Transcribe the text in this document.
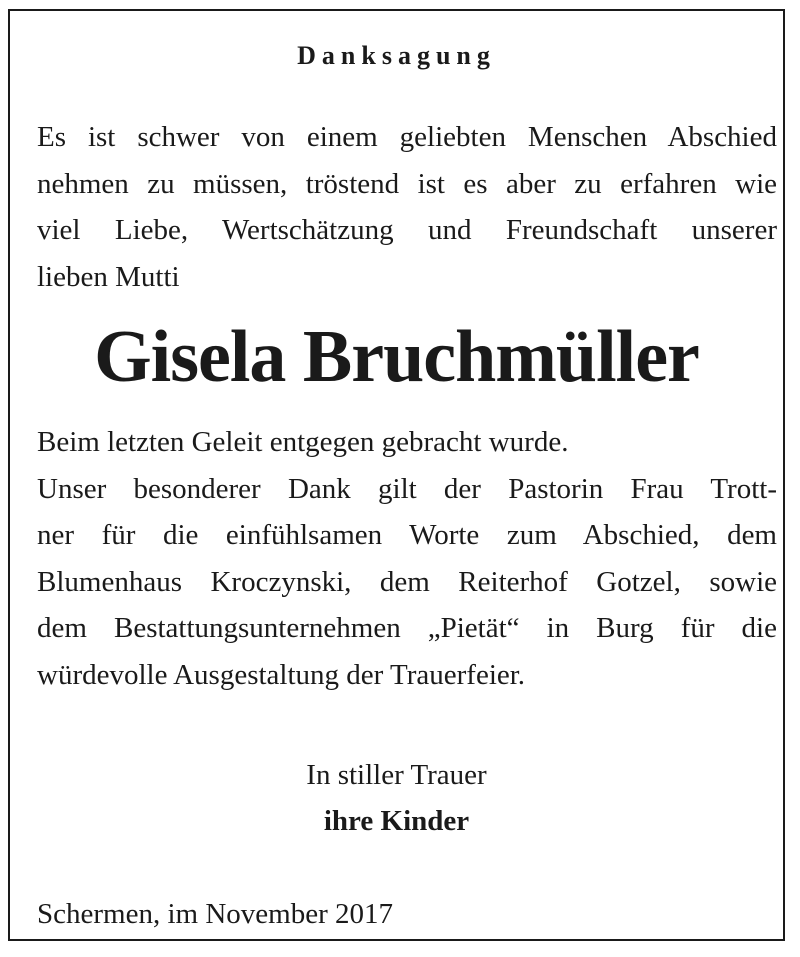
Danksagung
Es ist schwer von einem geliebten Menschen Abschied
nehmen zu müssen, tröstend ist es aber zu erfahren wie
viel Liebe, Wertschätzung und Freundschaft unserer
lieben Mutti
Gisela Bruchmüller
Beim letzten Geleit entgegen gebracht wurde.
Unser besonderer Dank gilt der Pastorin Frau Trott-
ner für die einfühlsamen Worte zum Abschied, dem
Blumenhaus Kroczynski, dem Reiterhof Gotzel, sowie
dem Bestattungsunternehmen „Pietät“ in Burg für die
würdevolle Ausgestaltung der Trauerfeier.
In stiller Trauer
ihre Kinder
Schermen, im November 2017
